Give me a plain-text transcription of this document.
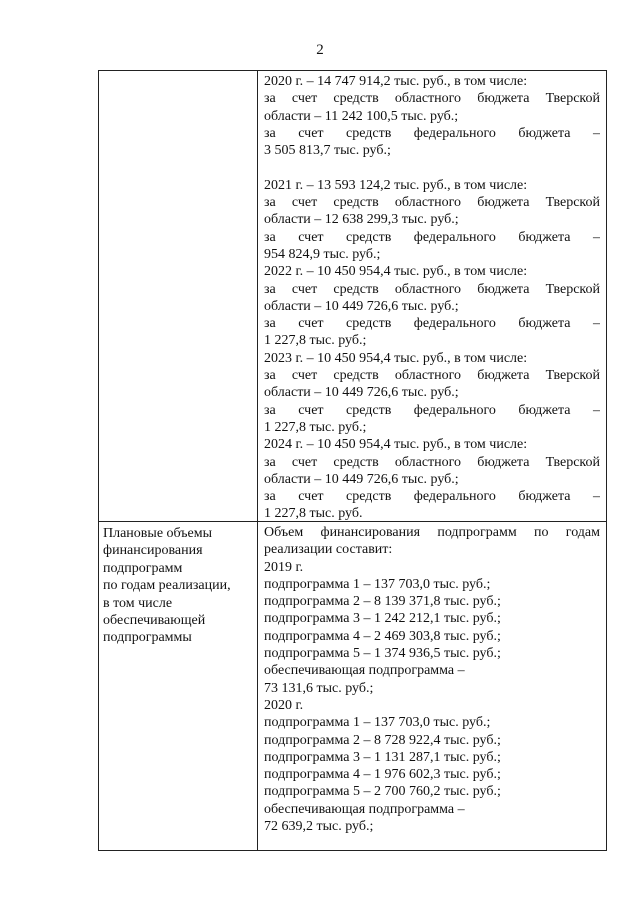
2
2020 г. – 14 747 914,2 тыс. руб., в том числе:
за счет средств областного бюджета Тверской
области – 11 242 100,5 тыс. руб.;
за счет средств федерального бюджета –
3 505 813,7 тыс. руб.;
2021 г. – 13 593 124,2 тыс. руб., в том числе:
за счет средств областного бюджета Тверской
области – 12 638 299,3 тыс. руб.;
за счет средств федерального бюджета –
954 824,9 тыс. руб.;
2022 г. – 10 450 954,4 тыс. руб., в том числе:
за счет средств областного бюджета Тверской
области – 10 449 726,6 тыс. руб.;
за счет средств федерального бюджета –
1 227,8 тыс. руб.;
2023 г. – 10 450 954,4 тыс. руб., в том числе:
за счет средств областного бюджета Тверской
области – 10 449 726,6 тыс. руб.;
за счет средств федерального бюджета –
1 227,8 тыс. руб.;
2024 г. – 10 450 954,4 тыс. руб., в том числе:
за счет средств областного бюджета Тверской
области – 10 449 726,6 тыс. руб.;
за счет средств федерального бюджета –
1 227,8 тыс. руб.
Плановые объемы
финансирования
подпрограмм
по годам реализации,
в том числе
обеспечивающей
подпрограммы
Объем финансирования подпрограмм по годам
реализации составит:
2019 г.
подпрограмма 1 – 137 703,0 тыс. руб.;
подпрограмма 2 – 8 139 371,8 тыс. руб.;
подпрограмма 3 – 1 242 212,1 тыс. руб.;
подпрограмма 4 – 2 469 303,8 тыс. руб.;
подпрограмма 5 – 1 374 936,5 тыс. руб.;
обеспечивающая подпрограмма –
73 131,6 тыс. руб.;
2020 г.
подпрограмма 1 – 137 703,0 тыс. руб.;
подпрограмма 2 – 8 728 922,4 тыс. руб.;
подпрограмма 3 – 1 131 287,1 тыс. руб.;
подпрограмма 4 – 1 976 602,3 тыс. руб.;
подпрограмма 5 – 2 700 760,2 тыс. руб.;
обеспечивающая подпрограмма –
72 639,2 тыс. руб.;
